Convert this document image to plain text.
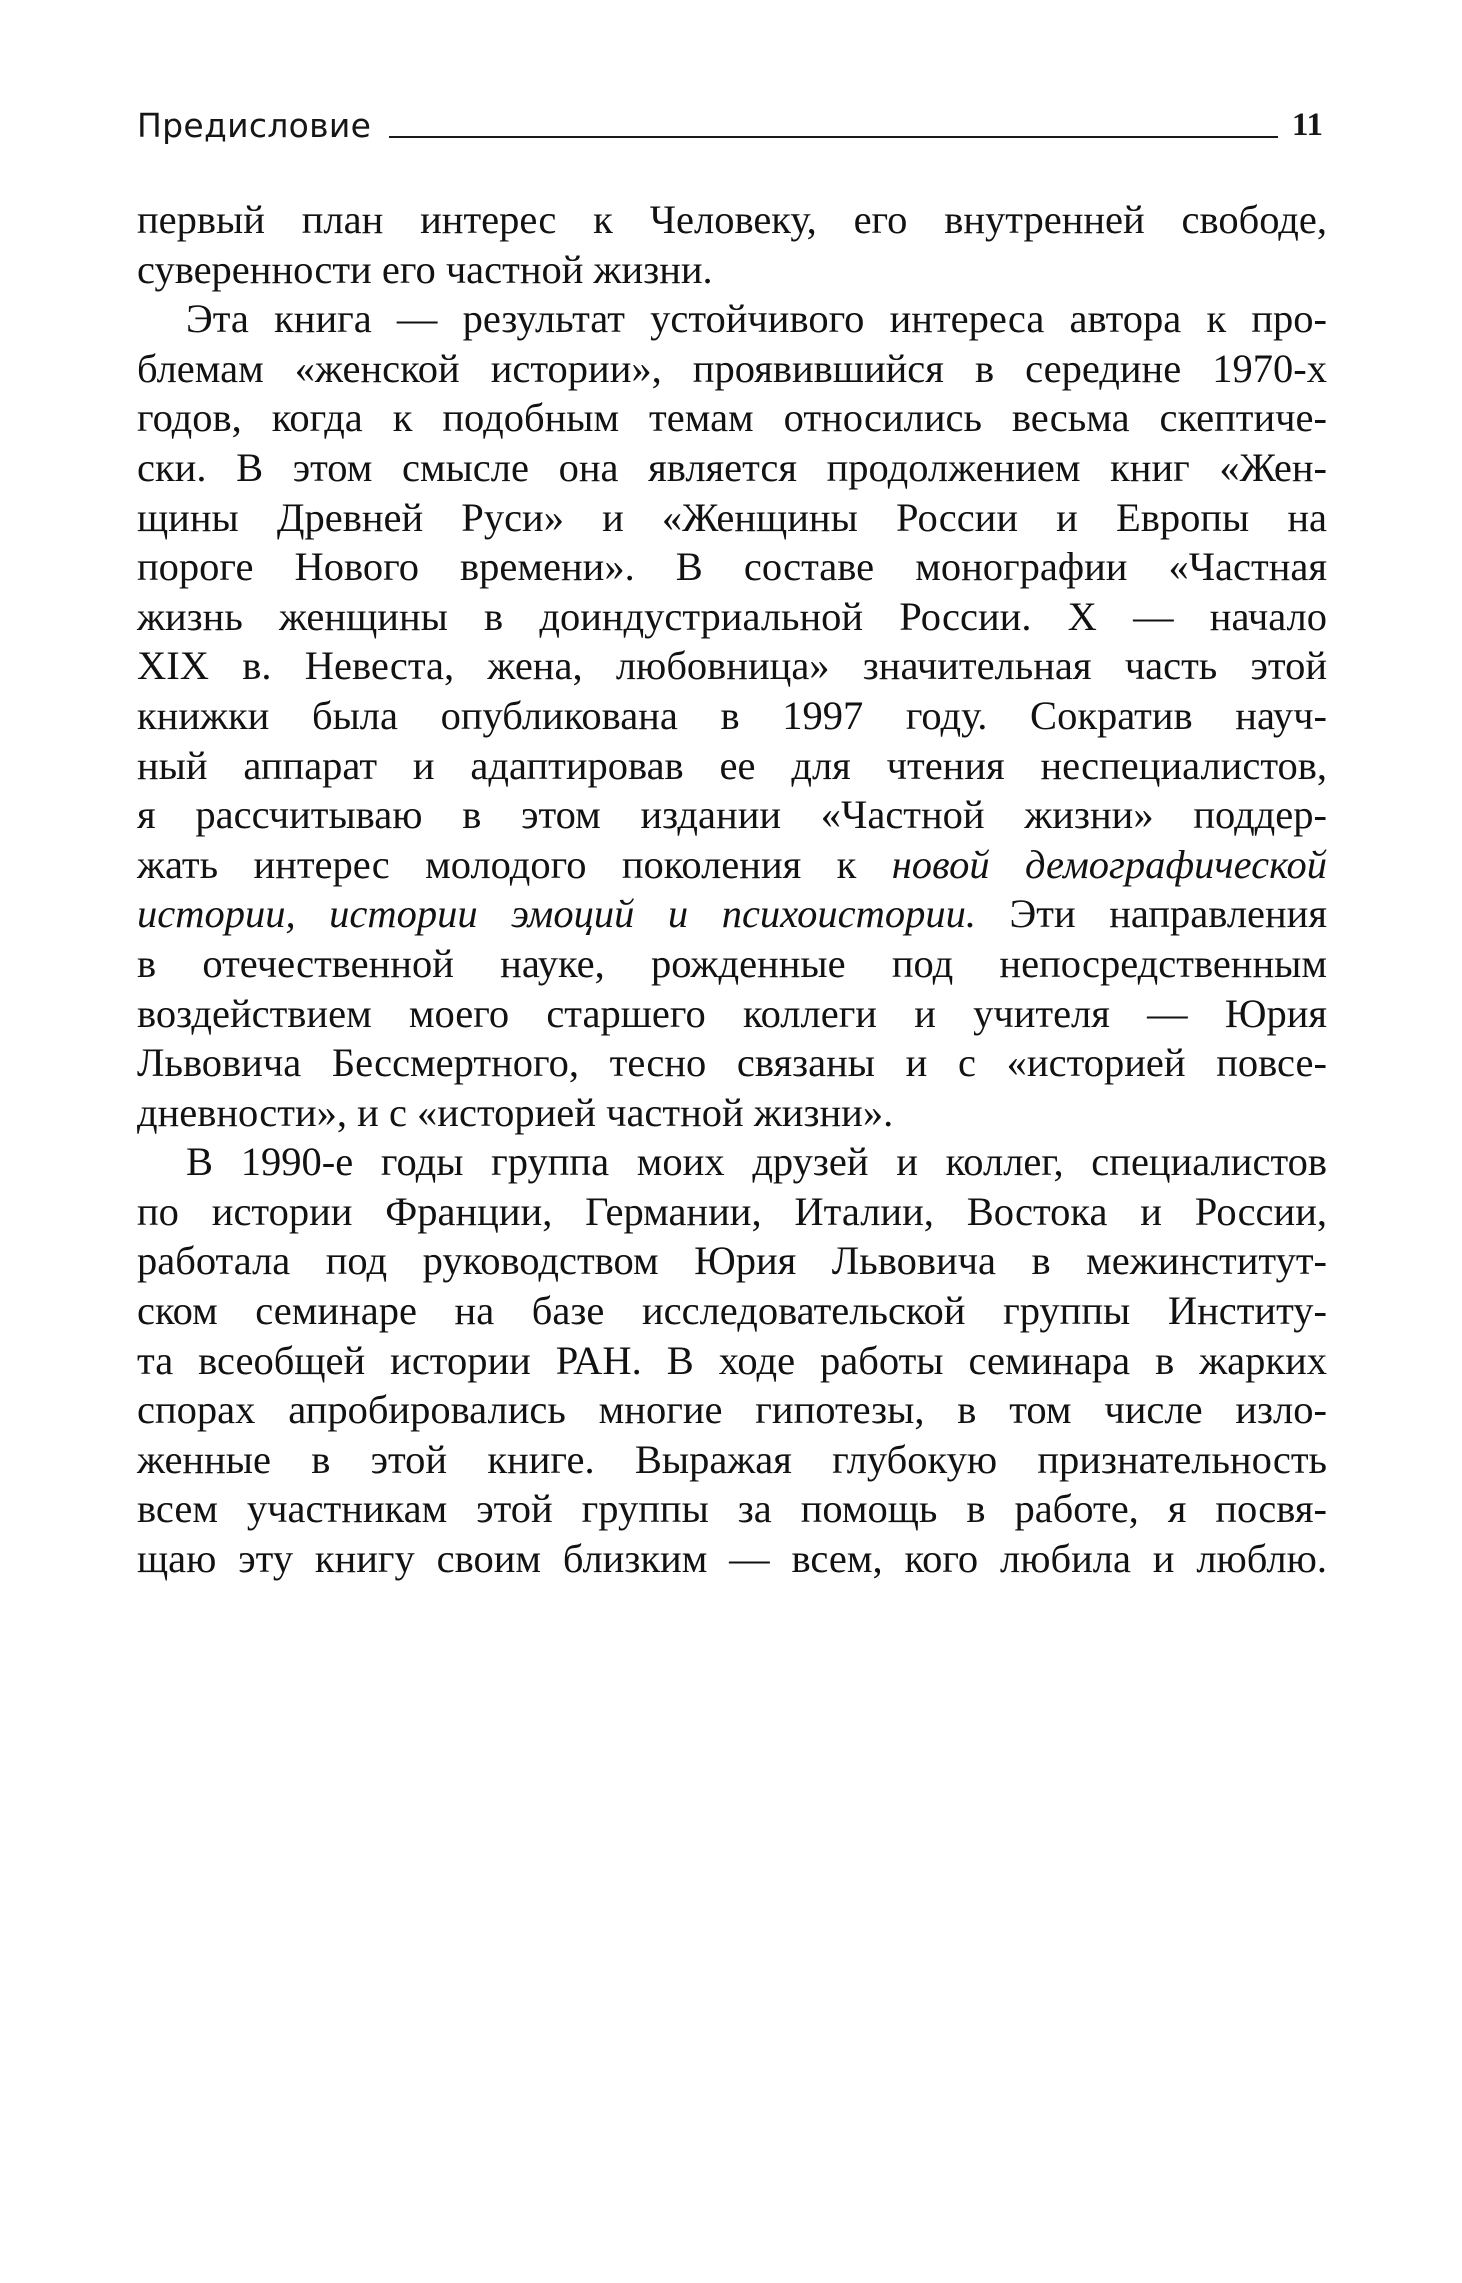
Предисловие	11

первый план интерес к Человеку, его внутренней свободе,
суверенности его частной жизни.

Эта книга — результат устойчивого интереса автора к про-
блемам «женской истории», проявившийся в середине 1970-х
годов, когда к подобным темам относились весьма скептиче-
ски. В этом смысле она является продолжением книг «Жен-
щины Древней Руси» и «Женщины России и Европы на
пороге Нового времени». В составе монографии «Частная
жизнь женщины в доиндустриальной России. X — начало
XIX в. Невеста, жена, любовница» значительная часть этой
книжки была опубликована в 1997 году. Сократив науч-
ный аппарат и адаптировав ее для чтения неспециалистов,
я рассчитываю в этом издании «Частной жизни» поддер-
жать интерес молодого поколения к новой демографической
истории, истории эмоций и психоистории. Эти направления
в отечественной науке, рожденные под непосредственным
воздействием моего старшего коллеги и учителя — Юрия
Львовича Бессмертного, тесно связаны и с «историей повсе-
дневности», и с «историей частной жизни».

В 1990-е годы группа моих друзей и коллег, специалистов
по истории Франции, Германии, Италии, Востока и России,
работала под руководством Юрия Львовича в межинститут-
ском семинаре на базе исследовательской группы Институ-
та всеобщей истории РАН. В ходе работы семинара в жарких
спорах апробировались многие гипотезы, в том числе изло-
женные в этой книге. Выражая глубокую признательность
всем участникам этой группы за помощь в работе, я посвя-
щаю эту книгу своим близким — всем, кого любила и люблю.
